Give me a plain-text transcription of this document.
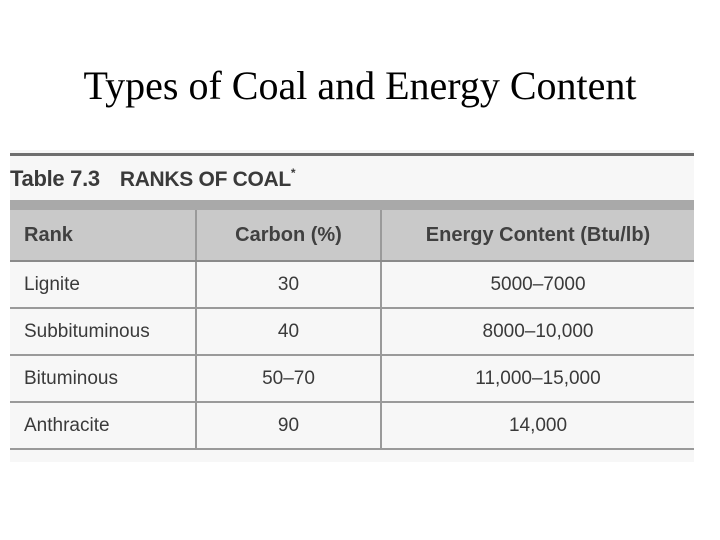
Types of Coal and Energy Content
Table 7.3 RANKS OF COAL*
Rank	Carbon (%)	Energy Content (Btu/lb)
Lignite	30	5000–7000
Subbituminous	40	8000–10,000
Bituminous	50–70	11,000–15,000
Anthracite	90	14,000
